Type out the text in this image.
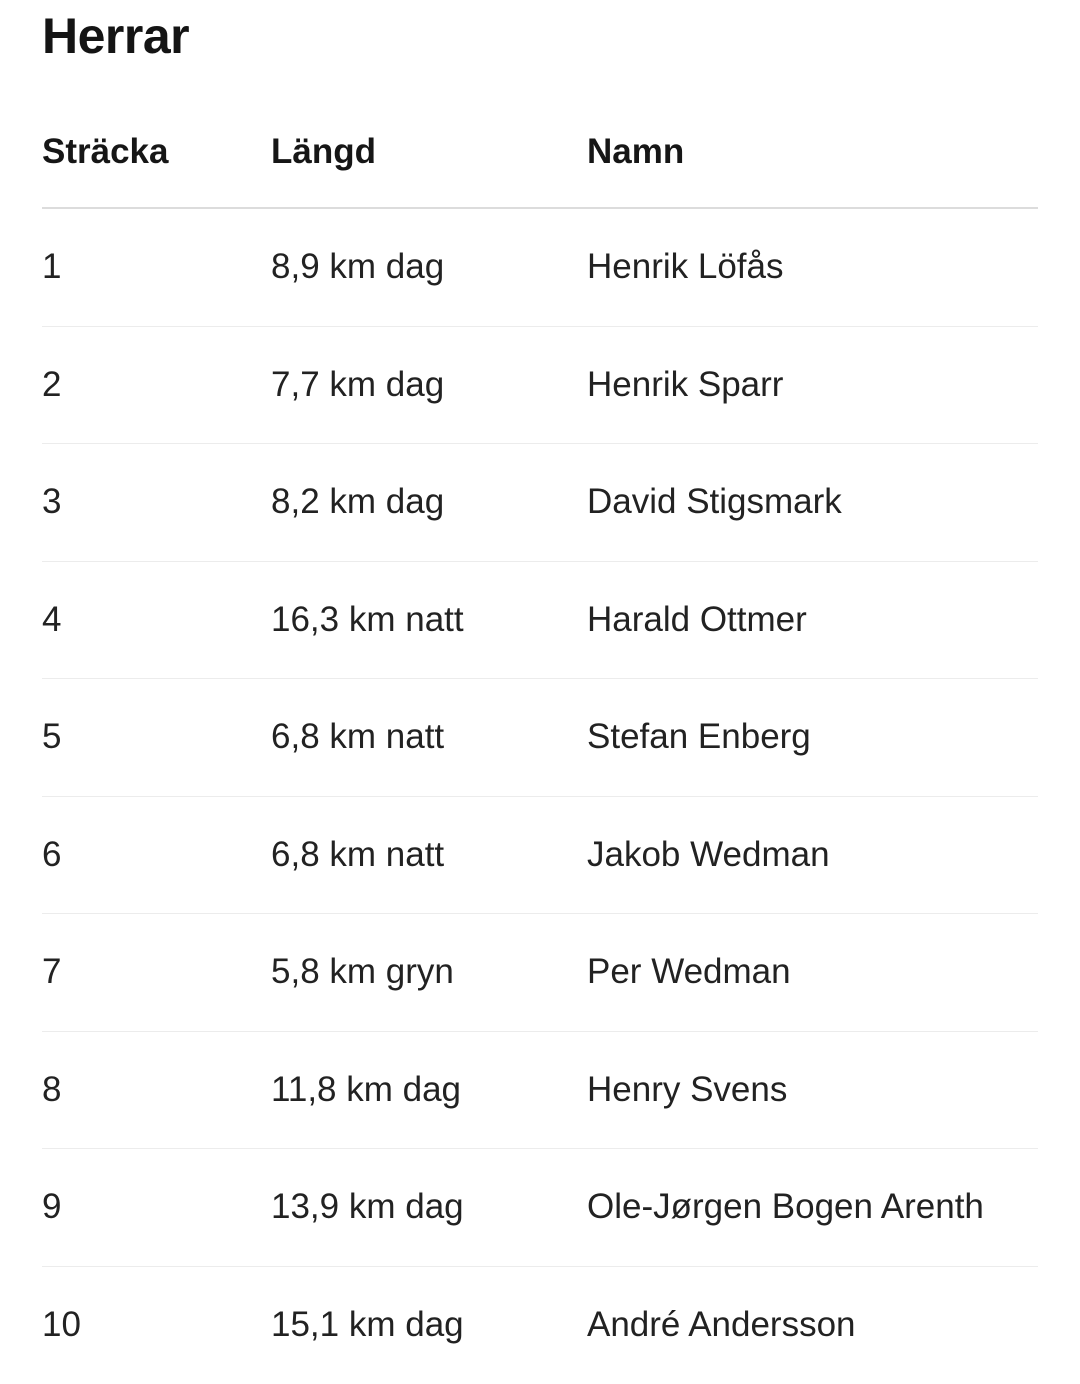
Herrar
Sträcka	Längd	Namn
1	8,9 km dag	Henrik Löfås
2	7,7 km dag	Henrik Sparr
3	8,2 km dag	David Stigsmark
4	16,3 km natt	Harald Ottmer
5	6,8 km natt	Stefan Enberg
6	6,8 km natt	Jakob Wedman
7	5,8 km gryn	Per Wedman
8	11,8 km dag	Henry Svens
9	13,9 km dag	Ole-Jørgen Bogen Arenth
10	15,1 km dag	André Andersson
